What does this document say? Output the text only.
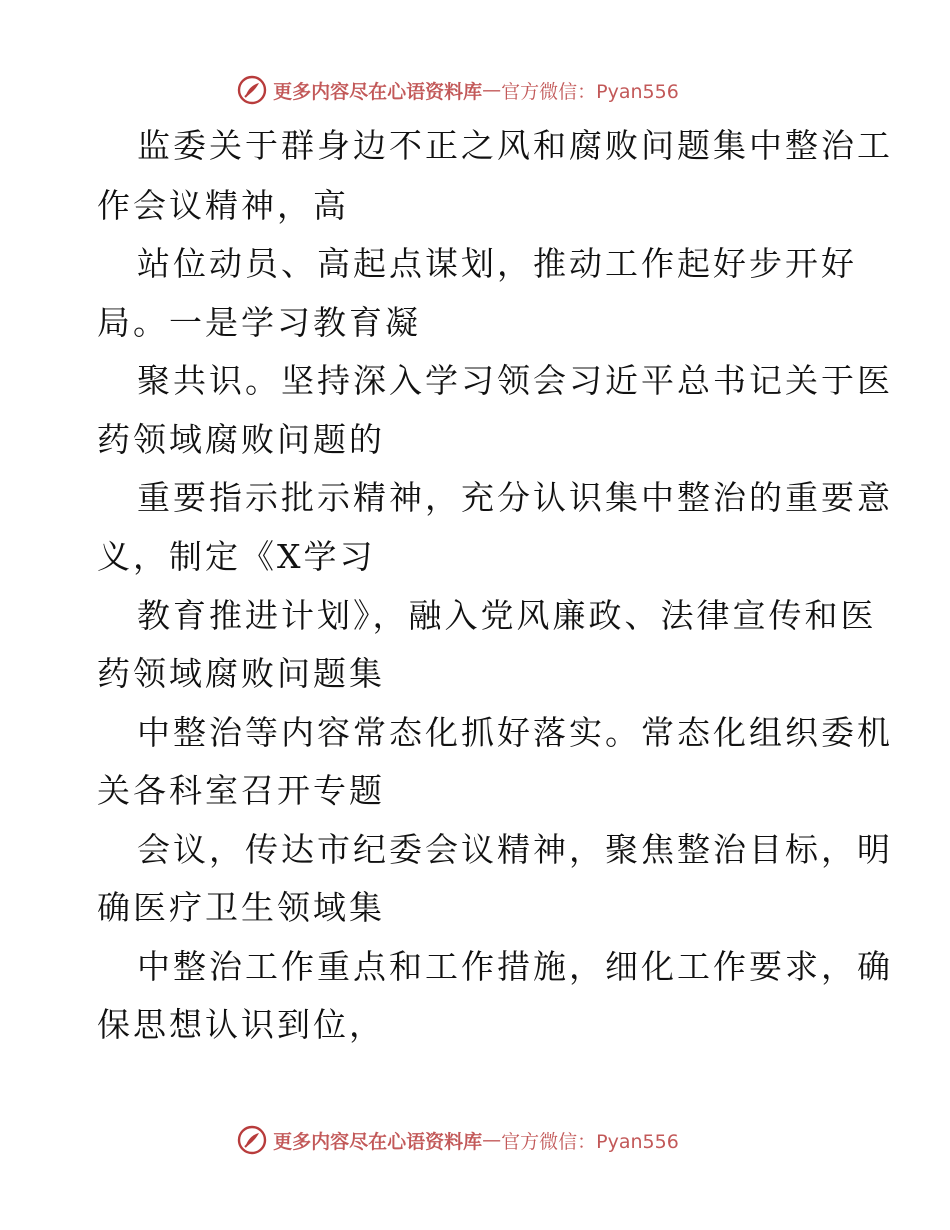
更多内容尽在心语资料库 — 官方微信：Pyan556
监委关于群身边不正之风和腐败问题集中整治工
作会议精神，高
站位动员、高起点谋划，推动工作起好步开好
局。一是学习教育凝
聚共识。坚持深入学习领会习近平总书记关于医
药领域腐败问题的
重要指示批示精神，充分认识集中整治的重要意
义，制定《X学习
教育推进计划》，融入党风廉政、法律宣传和医
药领域腐败问题集
中整治等内容常态化抓好落实。常态化组织委机
关各科室召开专题
会议，传达市纪委会议精神，聚焦整治目标，明
确医疗卫生领域集
中整治工作重点和工作措施，细化工作要求，确
保思想认识到位，
更多内容尽在心语资料库 — 官方微信：Pyan556
